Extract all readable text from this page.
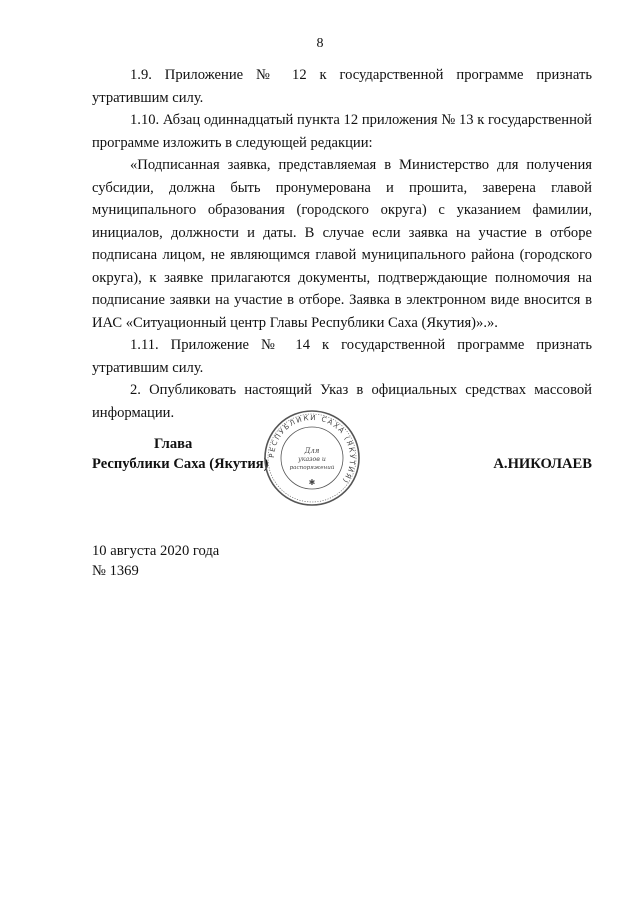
8

1.9. Приложение № 12 к государственной программе признать утратившим силу.

1.10. Абзац одиннадцатый пункта 12 приложения № 13 к государственной программе изложить в следующей редакции:

«Подписанная заявка, представляемая в Министерство для получения субсидии, должна быть пронумерована и прошита, заверена главой муниципального образования (городского округа) с указанием фамилии, инициалов, должности и даты. В случае если заявка на участие в отборе подписана лицом, не являющимся главой муниципального района (городского округа), к заявке прилагаются документы, подтверждающие полномочия на подписание заявки на участие в отборе. Заявка в электронном виде вносится в ИАС «Ситуационный центр Главы Республики Саха (Якутия)».».

1.11. Приложение № 14 к государственной программе признать утратившим силу.

2. Опубликовать настоящий Указ в официальных средствах массовой информации.

Глава
Республики Саха (Якутия)	А.НИКОЛАЕВ
РЕСПУБЛИКИ САХА (ЯКУТИЯ)
Для
указов и
распоряжений
✱
10 августа 2020 года
№ 1369
